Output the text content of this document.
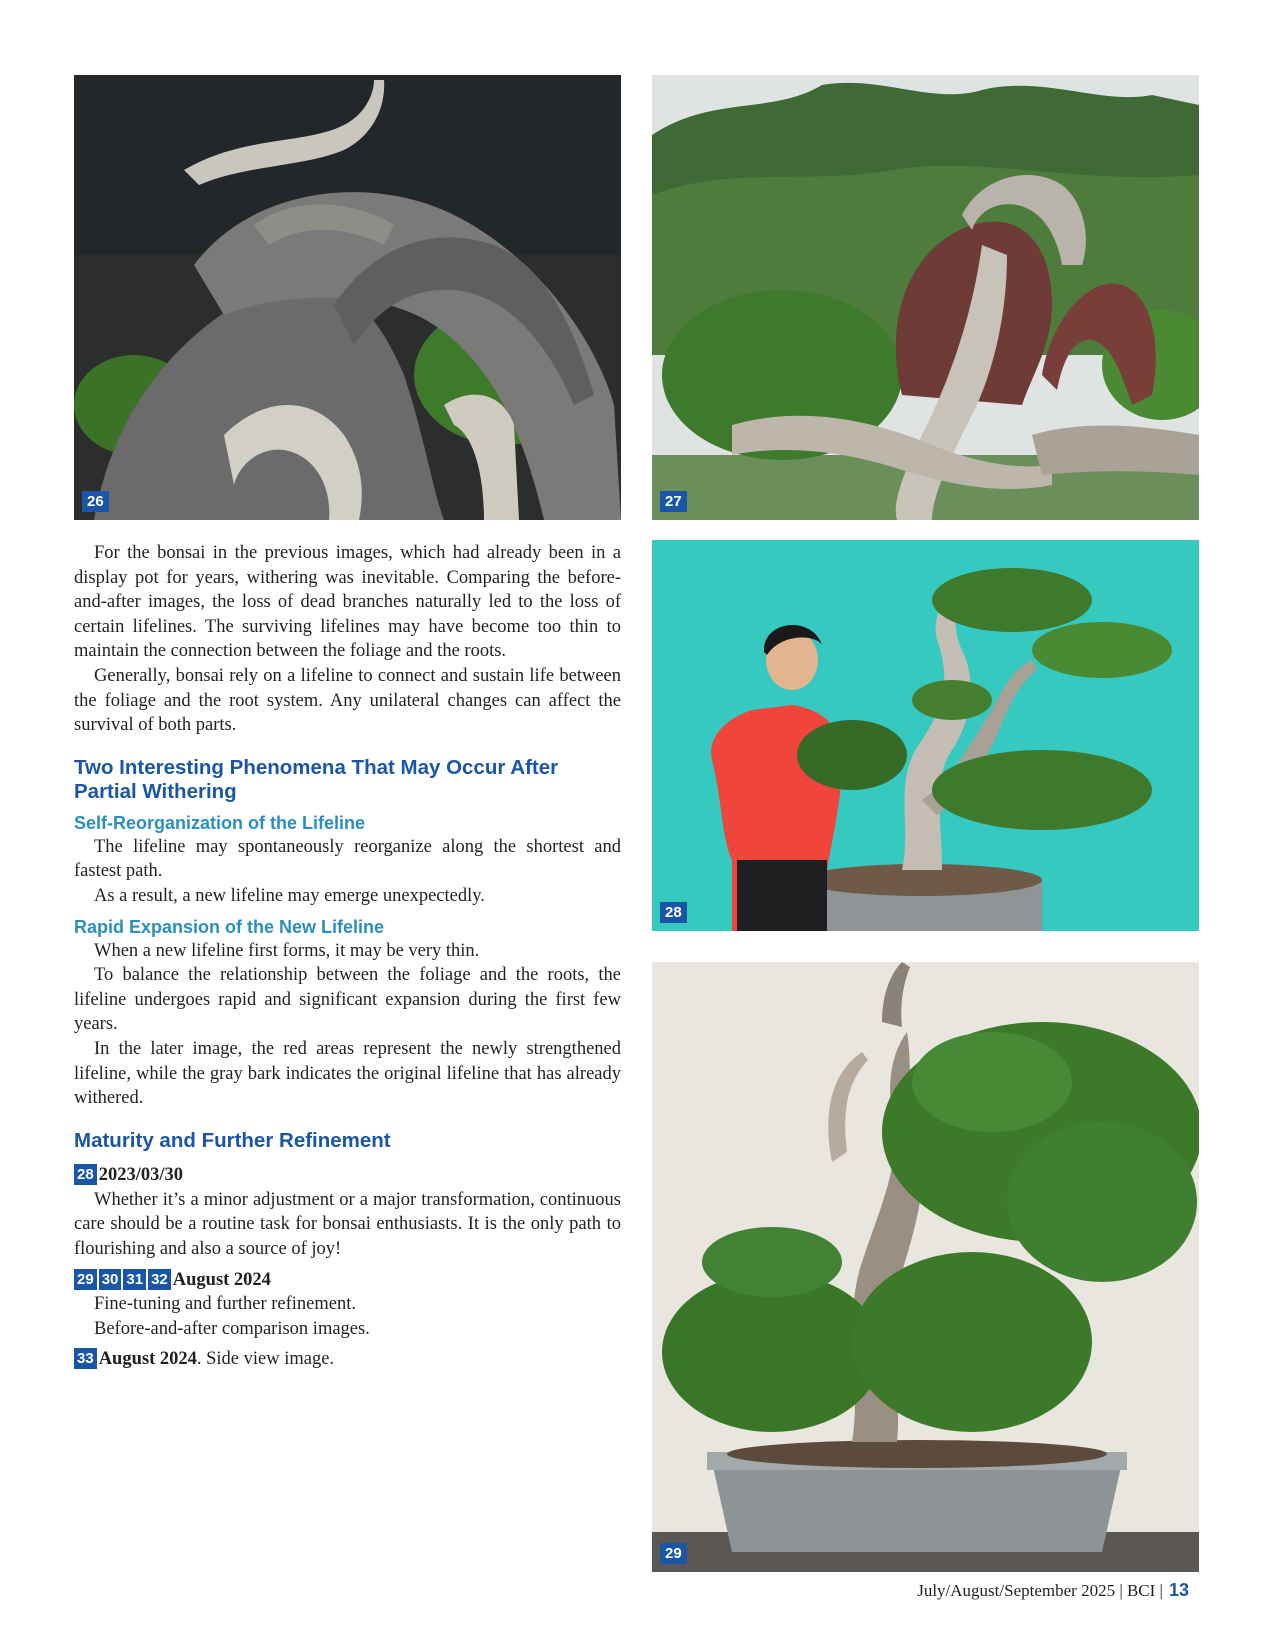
26	27
28
29

For the bonsai in the previous images, which had already been in a display pot for years, withering was inevitable. Comparing the before-and-after images, the loss of dead branches naturally led to the loss of certain lifelines. The surviving lifelines may have become too thin to maintain the connection between the foliage and the roots.

Generally, bonsai rely on a lifeline to connect and sustain life between the foliage and the root system. Any unilateral changes can affect the survival of both parts.

Two Interesting Phenomena That May Occur After Partial Withering
Self-Reorganization of the Lifeline

The lifeline may spontaneously reorganize along the shortest and fastest path.

As a result, a new lifeline may emerge unexpectedly.

Rapid Expansion of the New Lifeline

When a new lifeline first forms, it may be very thin.

To balance the relationship between the foliage and the roots, the lifeline undergoes rapid and significant expansion during the first few years.

In the later image, the red areas represent the newly strengthened lifeline, while the gray bark indicates the original lifeline that has already withered.

Maturity and Further Refinement
28 2023/03/30

Whether it’s a minor adjustment or a major transformation, continuous care should be a routine task for bonsai enthusiasts. It is the only path to flourishing and also a source of joy!

29 30 31 32 August 2024
Fine-tuning and further refinement.
Before-and-after comparison images.
33 August 2024. Side view image.
July/August/September 2025 | BCI | 13
